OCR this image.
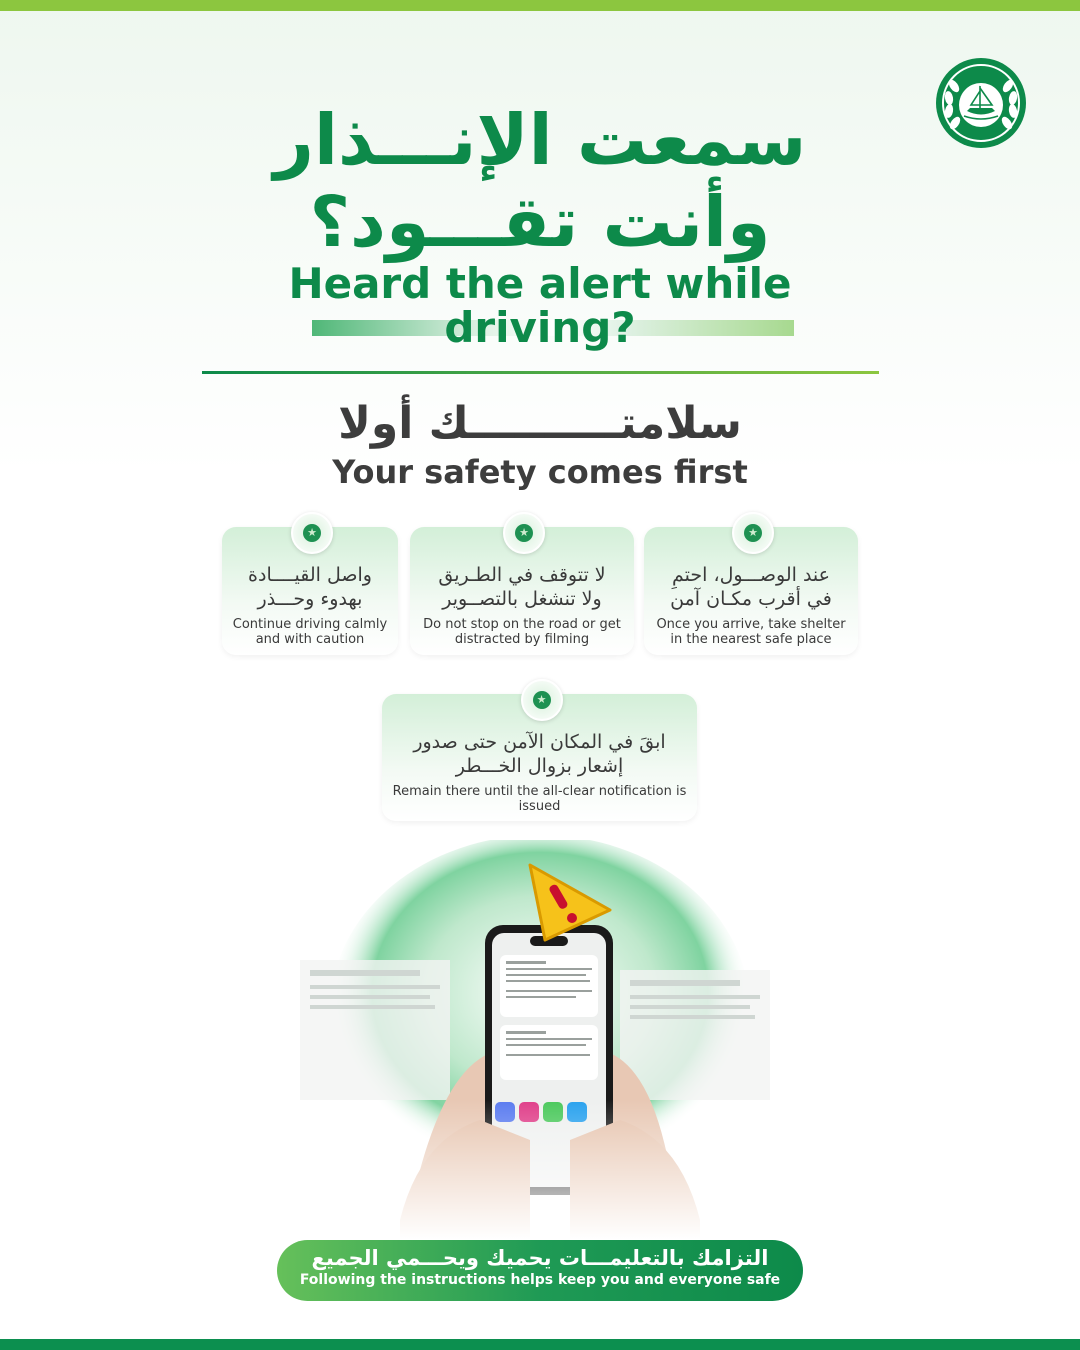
سمعت الإنـــذار
وأنت تقـــود؟
Heard the alert while driving?
سلامتــــــــــك أولا
Your safety comes first
★

واصل القيــــادة

بهدوء وحـــذر

Continue driving calmly and with caution

★

لا تتوقف في الطـريق

ولا تنشغل بالتصــوير

Do not stop on the road or get distracted by filming

★

عند الوصـــول، احتمِ

في أقرب مكـان آمن

Once you arrive, take shelter in the nearest safe place

★

ابقَ في المكان الآمن حتى صدور

إشعار بزوال الخـــطر

Remain there until the all-clear notification is issued

التزامك بالتعليمـــات يحميك ويحـــمي الجميع

Following the instructions helps keep you and everyone safe
